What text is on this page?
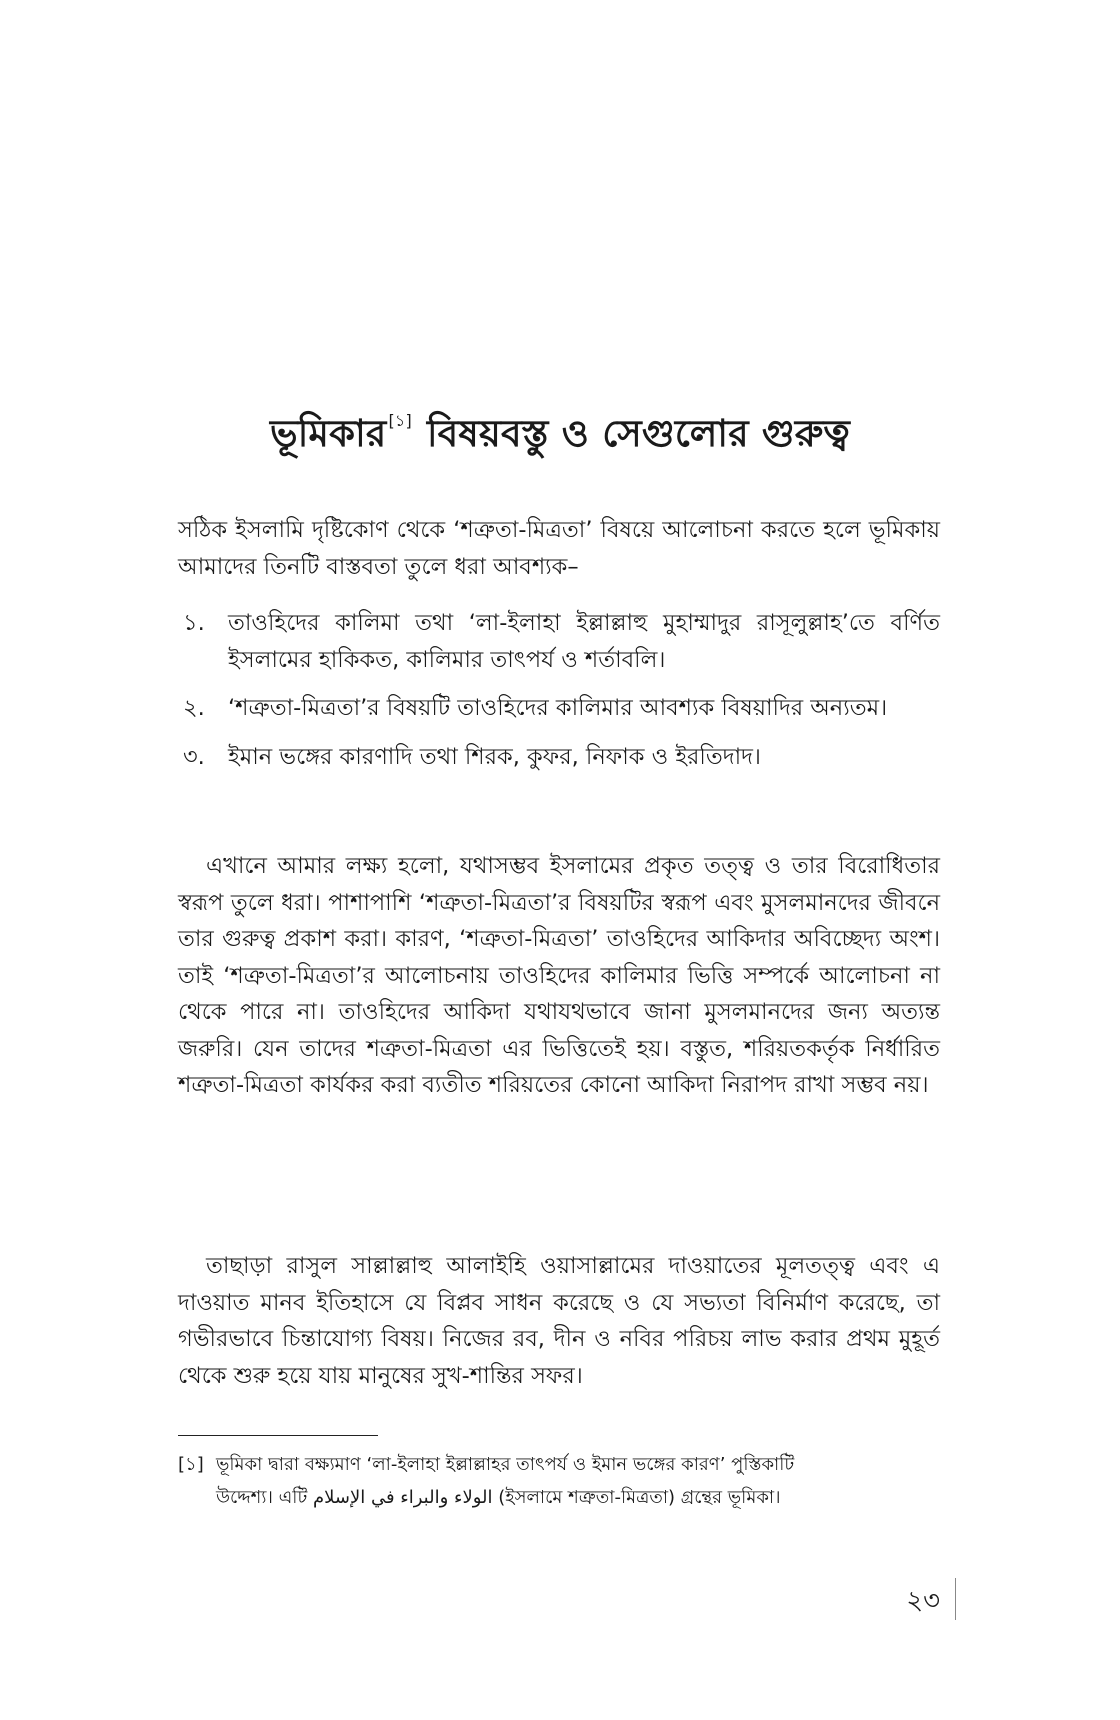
ভূমিকার [১] বিষয়বস্তু ও সেগুলোর গুরুত্ব
সঠিক ইসলামি দৃষ্টিকোণ থেকে ‘শত্রুতা-মিত্রতা’ বিষয়ে আলোচনা করতে হলে ভূমিকায় আমাদের তিনটি বাস্তবতা তুলে ধরা আবশ্যক–
১. তাওহিদের কালিমা তথা ‘লা-ইলাহা ইল্লাল্লাহু মুহাম্মাদুর রাসূলুল্লাহ’তে বর্ণিত ইসলামের হাকিকত, কালিমার তাৎপর্য ও শর্তাবলি।
২. ‘শত্রুতা-মিত্রতা’র বিষয়টি তাওহিদের কালিমার আবশ্যক বিষয়াদির অন্যতম।
৩. ইমান ভঙ্গের কারণাদি তথা শিরক, কুফর, নিফাক ও ইরতিদাদ।
এখানে আমার লক্ষ্য হলো, যথাসম্ভব ইসলামের প্রকৃত তত্ত্ব ও তার বিরোধিতার স্বরূপ তুলে ধরা। পাশাপাশি ‘শত্রুতা-মিত্রতা’র বিষয়টির স্বরূপ এবং মুসলমানদের জীবনে তার গুরুত্ব প্রকাশ করা। কারণ, ‘শত্রুতা-মিত্রতা’ তাওহিদের আকিদার অবিচ্ছেদ্য অংশ। তাই ‘শত্রুতা-মিত্রতা’র আলোচনায় তাওহিদের কালিমার ভিত্তি সম্পর্কে আলোচনা না থেকে পারে না। তাওহিদের আকিদা যথাযথভাবে জানা মুসলমানদের জন্য অত্যন্ত জরুরি। যেন তাদের শত্রুতা-মিত্রতা এর ভিত্তিতেই হয়। বস্তুত, শরিয়তকর্তৃক নির্ধারিত শত্রুতা-মিত্রতা কার্যকর করা ব্যতীত শরিয়তের কোনো আকিদা নিরাপদ রাখা সম্ভব নয়।
তাছাড়া রাসুল সাল্লাল্লাহু আলাইহি ওয়াসাল্লামের দাওয়াতের মূলতত্ত্ব এবং এ দাওয়াত মানব ইতিহাসে যে বিপ্লব সাধন করেছে ও যে সভ্যতা বিনির্মাণ করেছে, তা গভীরভাবে চিন্তাযোগ্য বিষয়। নিজের রব, দীন ও নবির পরিচয় লাভ করার প্রথম মুহূর্ত থেকে শুরু হয়ে যায় মানুষের সুখ-শান্তির সফর।
[১] ভূমিকা দ্বারা বক্ষ্যমাণ ‘লা-ইলাহা ইল্লাল্লাহর তাৎপর্য ও ইমান ভঙ্গের কারণ’ পুস্তিকাটি
উদ্দেশ্য। এটি الولاء والبراء في الإسلام (ইসলামে শত্রুতা-মিত্রতা) গ্রন্থের ভূমিকা।
২৩
